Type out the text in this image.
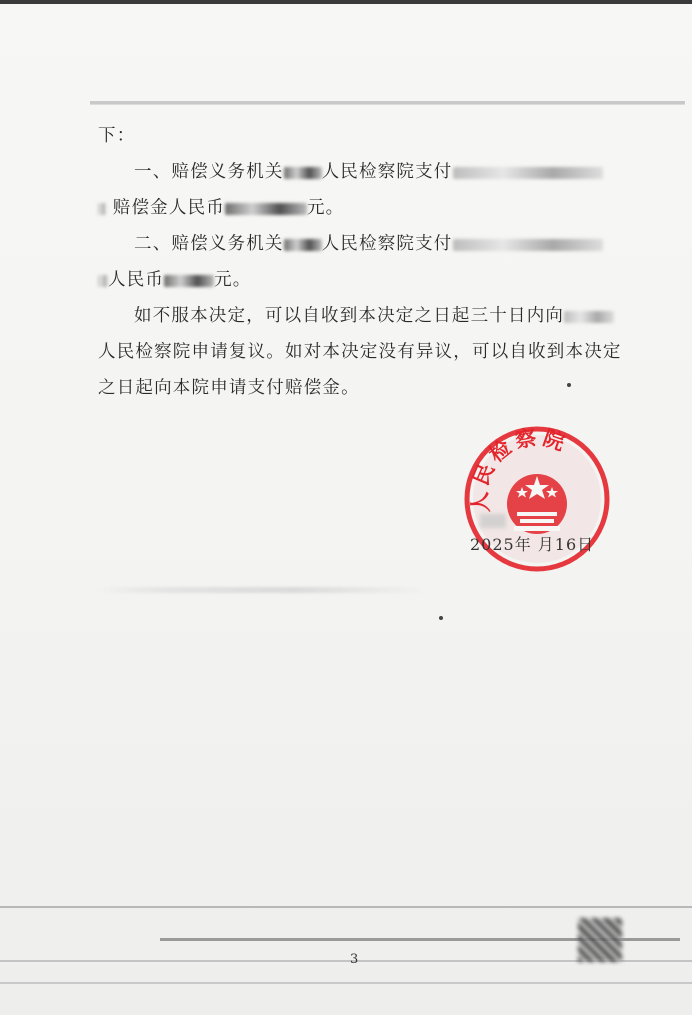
下：
一、赔偿义务机关 人民检察院支付
赔偿金人民币	元。
二、赔偿义务机关 人民检察院支付
人民币	元。
如不服本决定，可以自收到本决定之日起三十日内向
人民检察院申请复议。如对本决定没有异议，可以自收到本决定
之日起向本院申请支付赔偿金。
人民检察院
2025年 月16日
3
